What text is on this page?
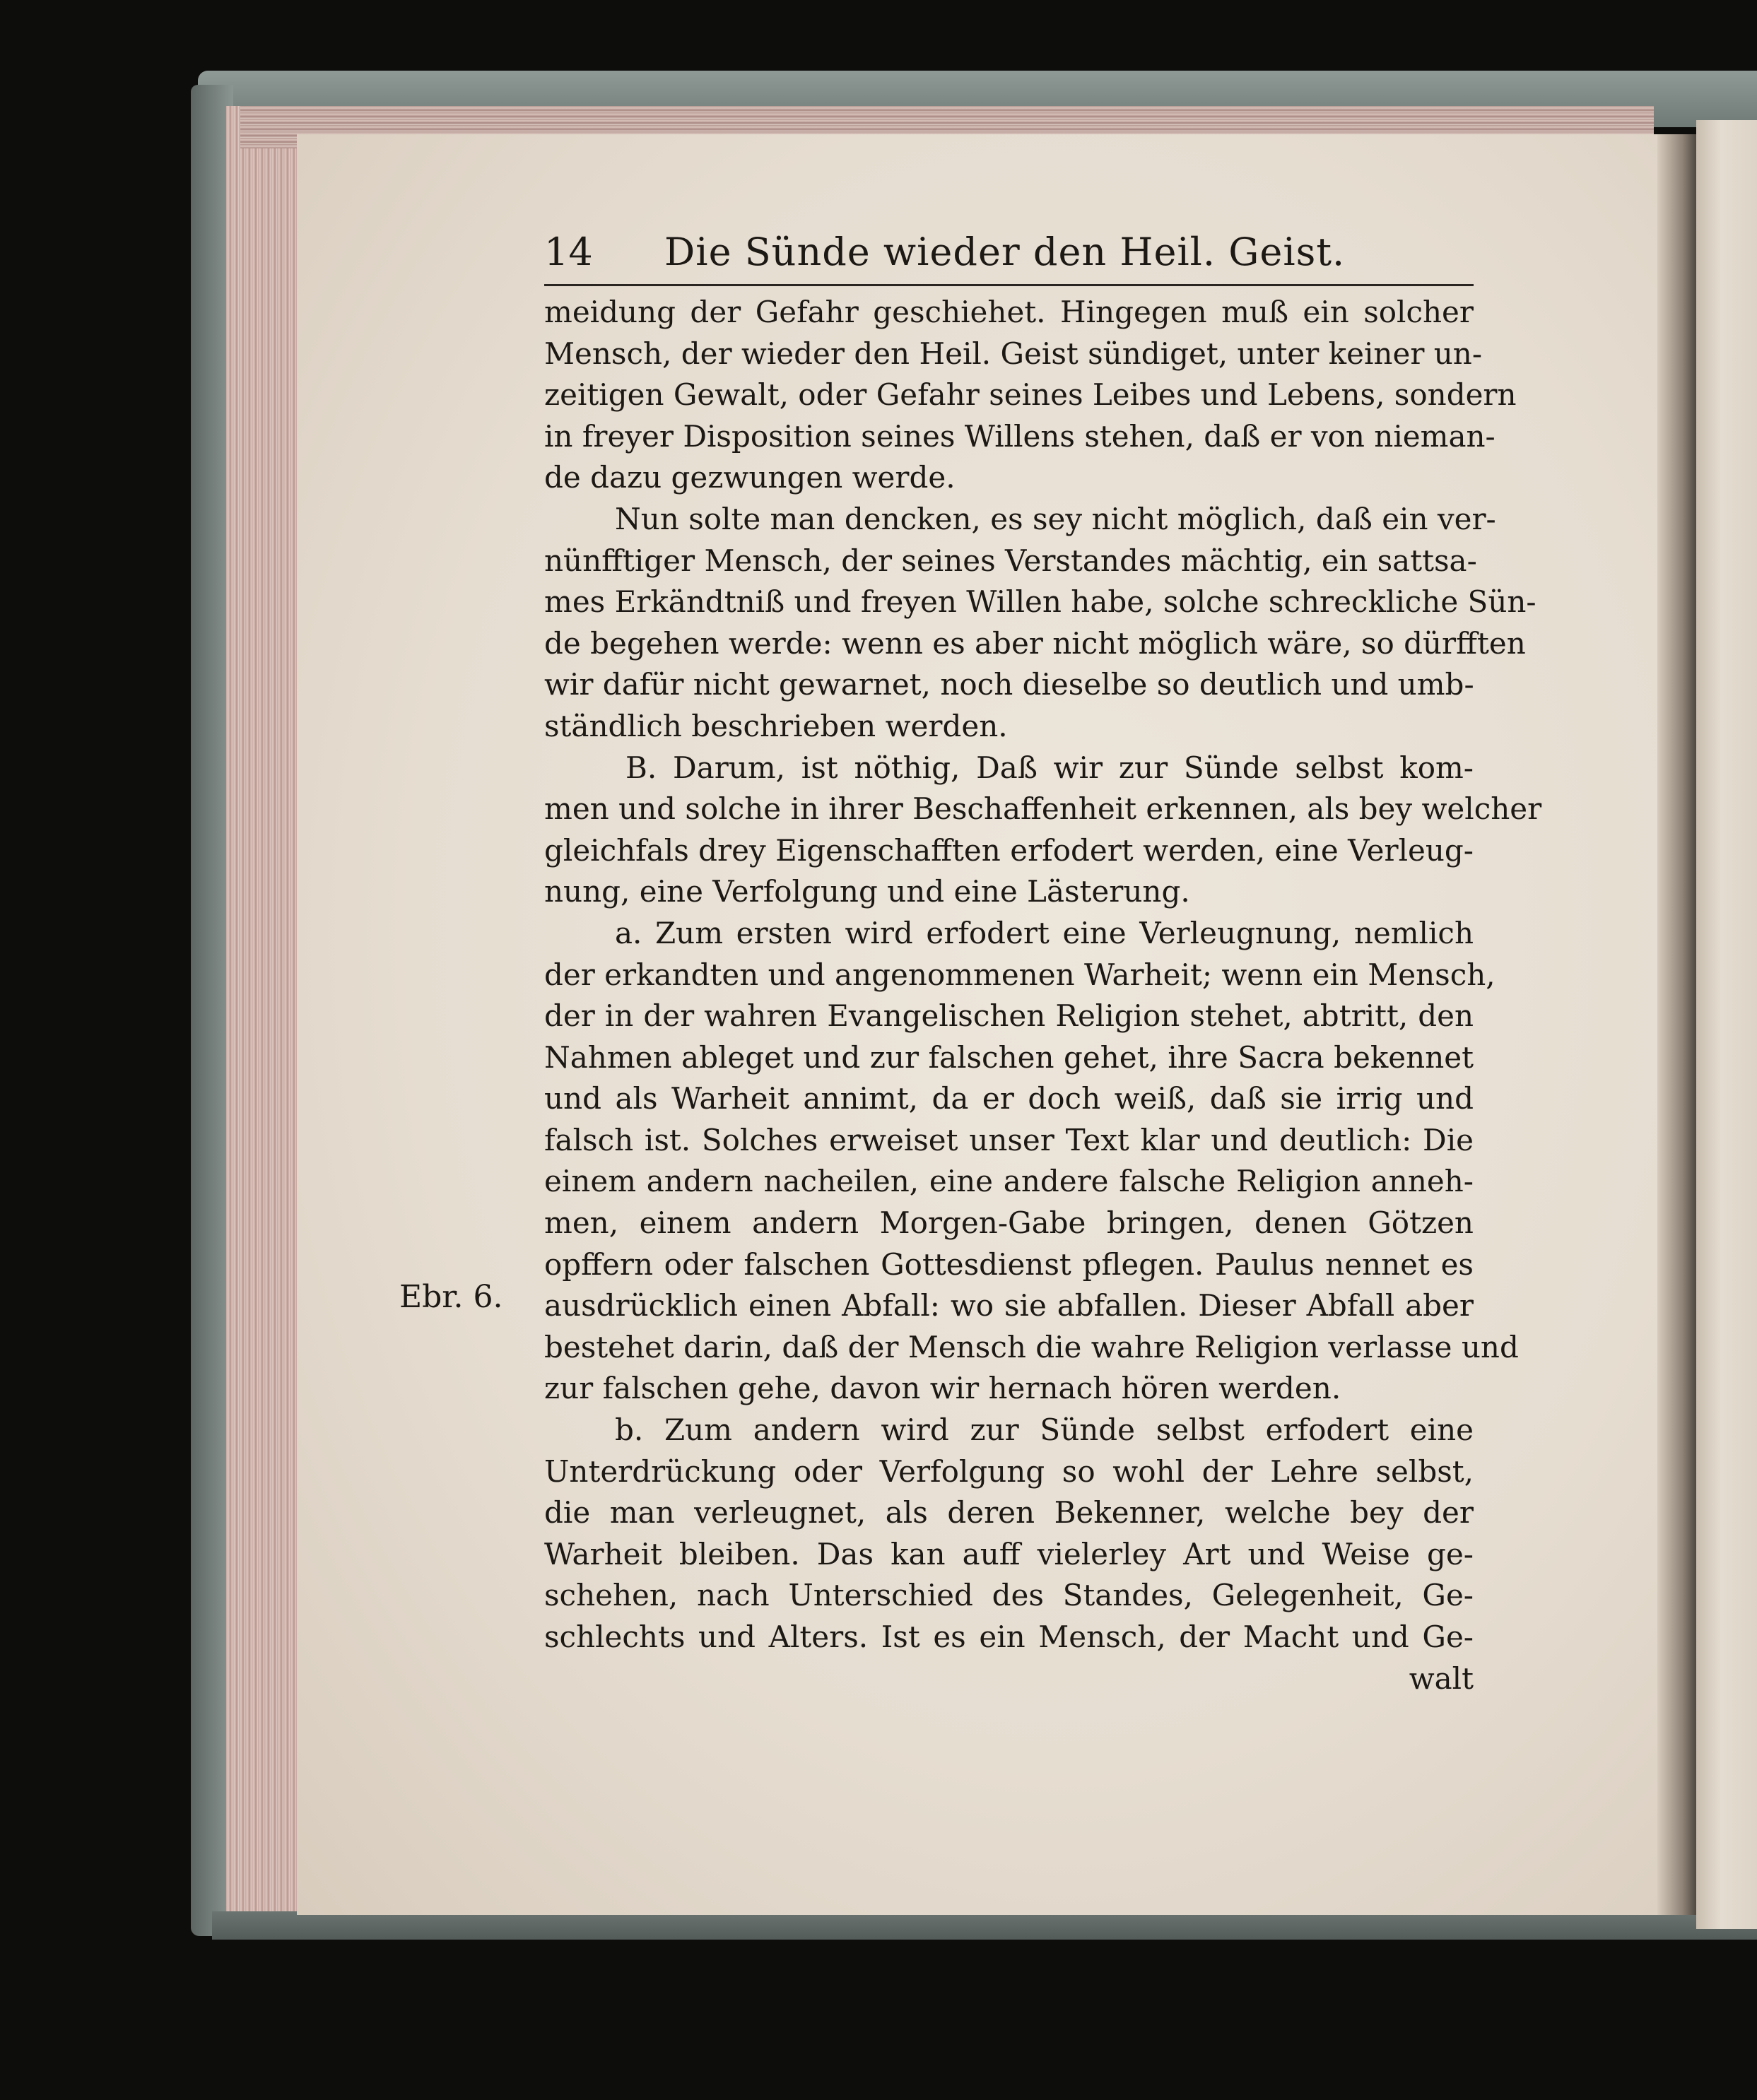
Ebr. 6.
14	Die Sünde wieder den Heil. Geist.
meidung der Gefahr geschiehet. Hingegen muß ein solcher
Mensch, der wieder den Heil. Geist sündiget, unter keiner un-
zeitigen Gewalt, oder Gefahr seines Leibes und Lebens, sondern
in freyer Disposition seines Willens stehen, daß er von nieman-
de dazu gezwungen werde.
Nun solte man dencken, es sey nicht möglich, daß ein ver-
nünfftiger Mensch, der seines Verstandes mächtig, ein sattsa-
mes Erkändtniß und freyen Willen habe, solche schreckliche Sün-
de begehen werde: wenn es aber nicht möglich wäre, so dürfften
wir dafür nicht gewarnet, noch dieselbe so deutlich und umb-
ständlich beschrieben werden.
B. Darum, ist nöthig, Daß wir zur Sünde selbst kom-
men und solche in ihrer Beschaffenheit erkennen, als bey welcher
gleichfals drey Eigenschafften erfodert werden, eine Verleug-
nung, eine Verfolgung und eine Lästerung.
a. Zum ersten wird erfodert eine Verleugnung, nemlich
der erkandten und angenommenen Warheit; wenn ein Mensch,
der in der wahren Evangelischen Religion stehet, abtritt, den
Nahmen ableget und zur falschen gehet, ihre Sacra bekennet
und als Warheit annimt, da er doch weiß, daß sie irrig und
falsch ist. Solches erweiset unser Text klar und deutlich: Die
einem andern nacheilen, eine andere falsche Religion anneh-
men, einem andern Morgen-Gabe bringen, denen Götzen
opffern oder falschen Gottesdienst pflegen. Paulus nennet es
ausdrücklich einen Abfall: wo sie abfallen. Dieser Abfall aber
bestehet darin, daß der Mensch die wahre Religion verlasse und
zur falschen gehe, davon wir hernach hören werden.
b. Zum andern wird zur Sünde selbst erfodert eine
Unterdrückung oder Verfolgung so wohl der Lehre selbst,
die man verleugnet, als deren Bekenner, welche bey der
Warheit bleiben. Das kan auff vielerley Art und Weise ge-
schehen, nach Unterschied des Standes, Gelegenheit, Ge-
schlechts und Alters. Ist es ein Mensch, der Macht und Ge-
walt
